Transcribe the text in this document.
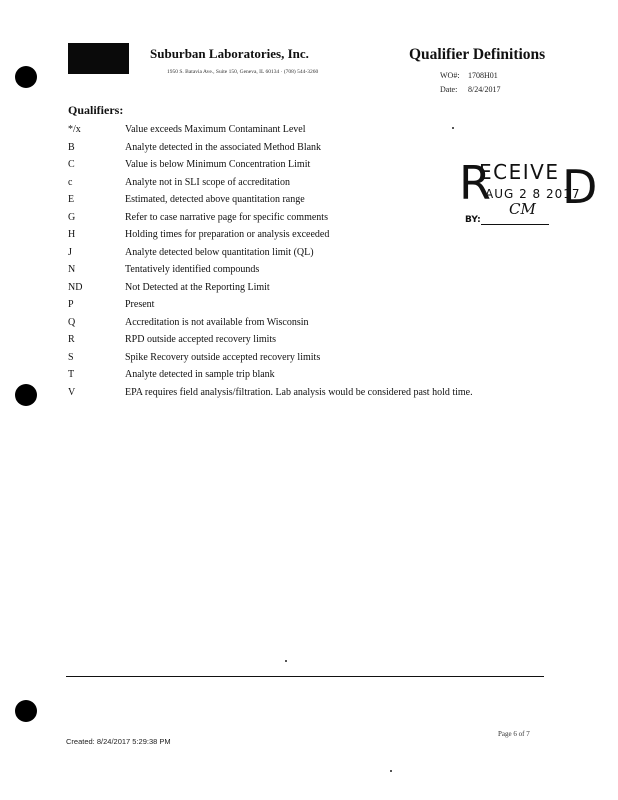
Suburban Laboratories, Inc.
1950 S. Batavia Ave., Suite 150, Geneva, IL 60134 · (708) 544-3260
Qualifier Definitions
WO#: 1708H01
Date: 8/24/2017
Qualifiers:
*/x	Value exceeds Maximum Contaminant Level
B	Analyte detected in the associated Method Blank
C	Value is below Minimum Concentration Limit
c	Analyte not in SLI scope of accreditation
E	Estimated, detected above quantitation range
G	Refer to case narrative page for specific comments
H	Holding times for preparation or analysis exceeded
J	Analyte detected below quantitation limit (QL)
N	Tentatively identified compounds
ND	Not Detected at the Reporting Limit
P	Present
Q	Accreditation is not available from Wisconsin
R	RPD outside accepted recovery limits
S	Spike Recovery outside accepted recovery limits
T	Analyte detected in sample trip blank
V	EPA requires field analysis/filtration. Lab analysis would be considered past hold time.
R
ECEIVE D
AUG 2 8 2017
CM
BY:
Page 6 of 7
Created: 8/24/2017 5:29:38 PM
